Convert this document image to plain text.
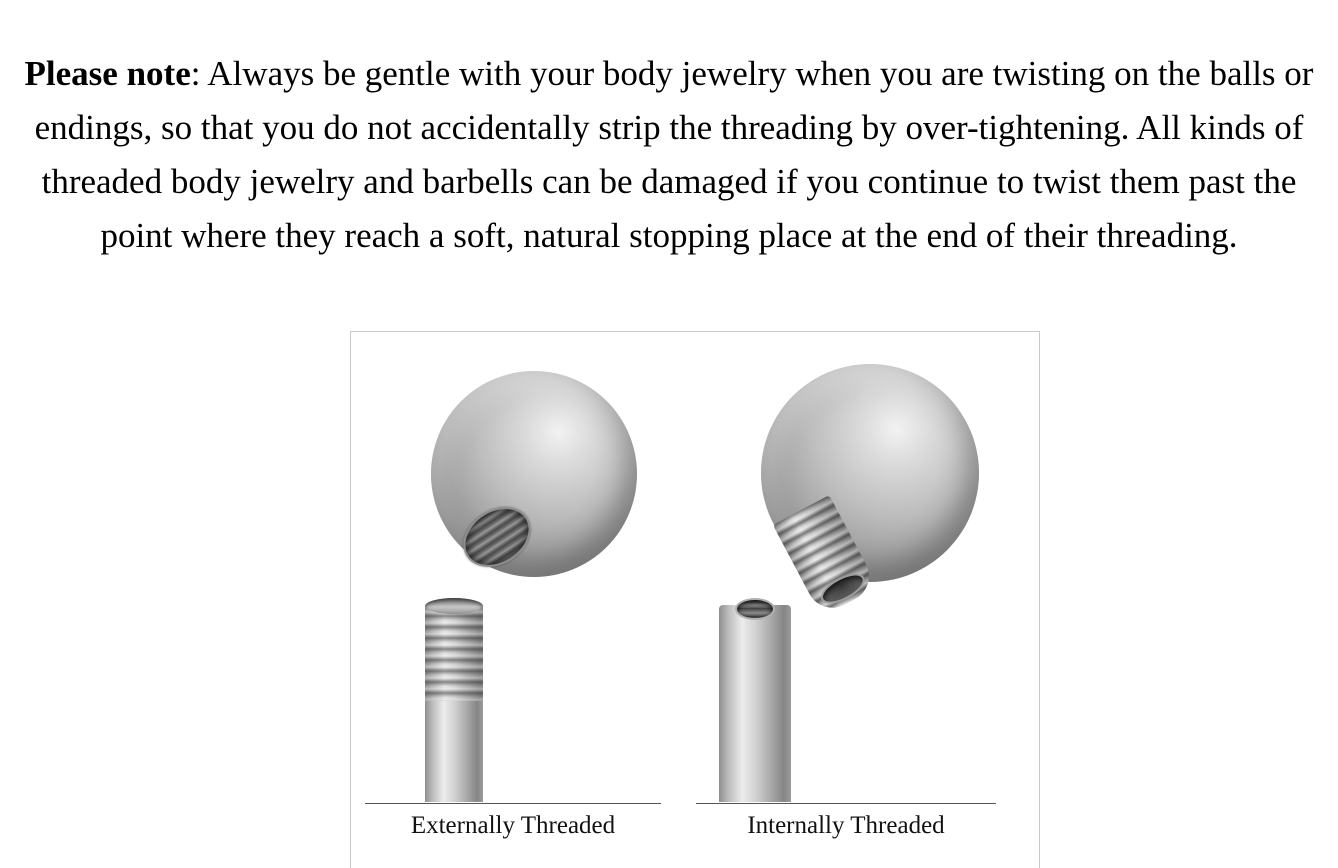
Please note: Always be gentle with your body jewelry when you are twisting on the balls or endings, so that you do not accidentally strip the threading by over-tightening. All kinds of threaded body jewelry and barbells can be damaged if you continue to twist them past the point where they reach a soft, natural stopping place at the end of their threading.

Externally Threaded	Internally Threaded
